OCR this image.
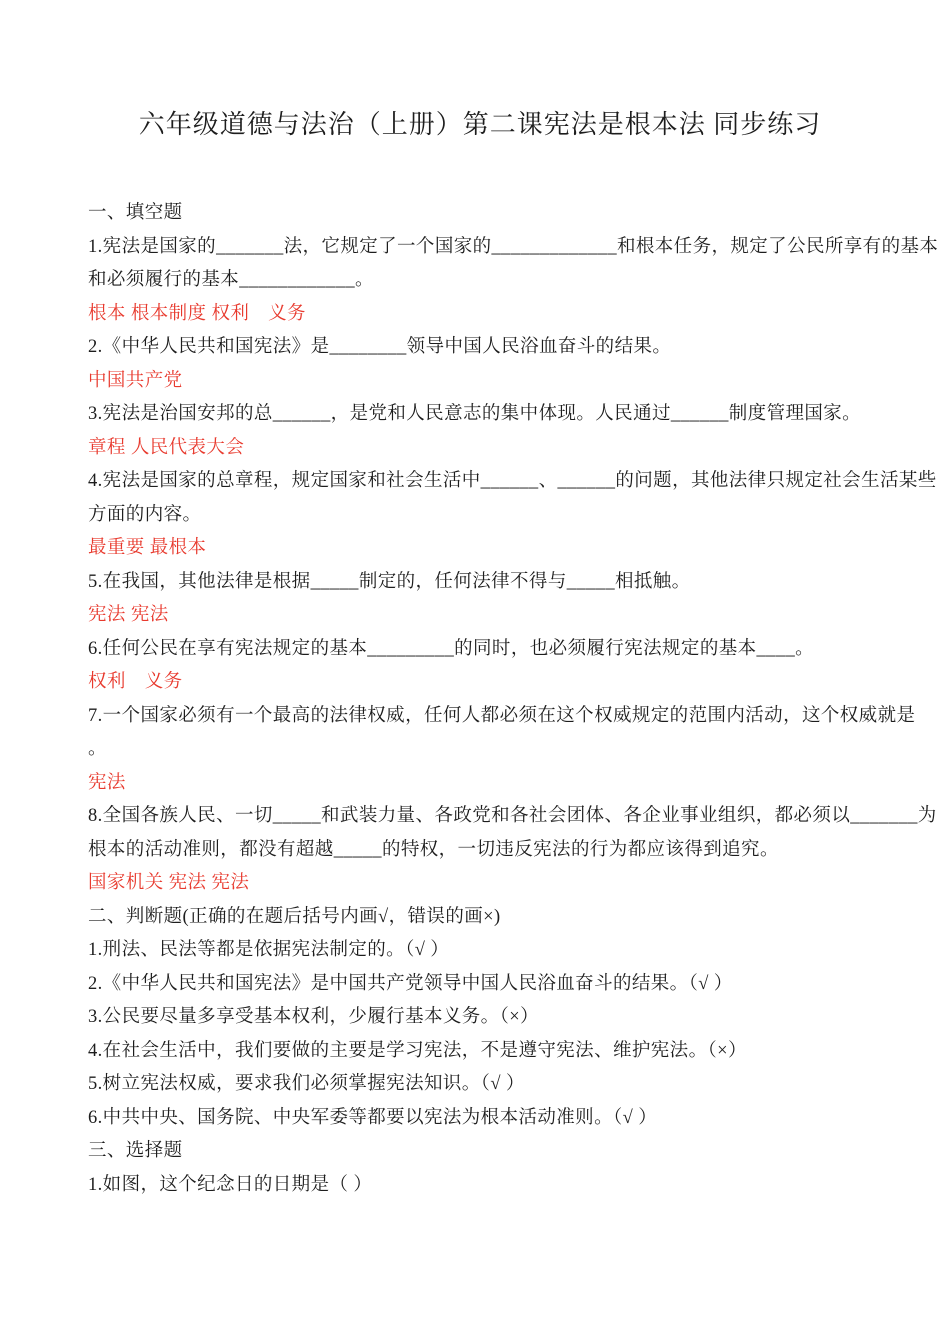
六年级道德与法治（上册）第二课宪法是根本法 同步练习
一、填空题
1.宪法是国家的_______法，它规定了一个国家的_____________和根本任务，规定了公民所享有的基本
和必须履行的基本____________。
根本 根本制度 权利　义务
2.《中华人民共和国宪法》是________领导中国人民浴血奋斗的结果。
中国共产党
3.宪法是治国安邦的总______，是党和人民意志的集中体现。人民通过______制度管理国家。
章程 人民代表大会
4.宪法是国家的总章程，规定国家和社会生活中______、______的问题，其他法律只规定社会生活某些
方面的内容。
最重要 最根本
5.在我国，其他法律是根据_____制定的，任何法律不得与_____相抵触。
宪法 宪法
6.任何公民在享有宪法规定的基本_________的同时，也必须履行宪法规定的基本____。
权利　义务
7.一个国家必须有一个最高的法律权威，任何人都必须在这个权威规定的范围内活动，这个权威就是
。
宪法
8.全国各族人民、一切_____和武装力量、各政党和各社会团体、各企业事业组织，都必须以_______为
根本的活动准则，都没有超越_____的特权，一切违反宪法的行为都应该得到追究。
国家机关 宪法 宪法
二、判断题(正确的在题后括号内画√，错误的画×)
1.刑法、民法等都是依据宪法制定的。（√ ）
2.《中华人民共和国宪法》是中国共产党领导中国人民浴血奋斗的结果。（√ ）
3.公民要尽量多享受基本权利，少履行基本义务。（×）
4.在社会生活中，我们要做的主要是学习宪法，不是遵守宪法、维护宪法。（×）
5.树立宪法权威，要求我们必须掌握宪法知识。（√ ）
6.中共中央、国务院、中央军委等都要以宪法为根本活动准则。（√ ）
三、选择题
1.如图，这个纪念日的日期是（ ）
